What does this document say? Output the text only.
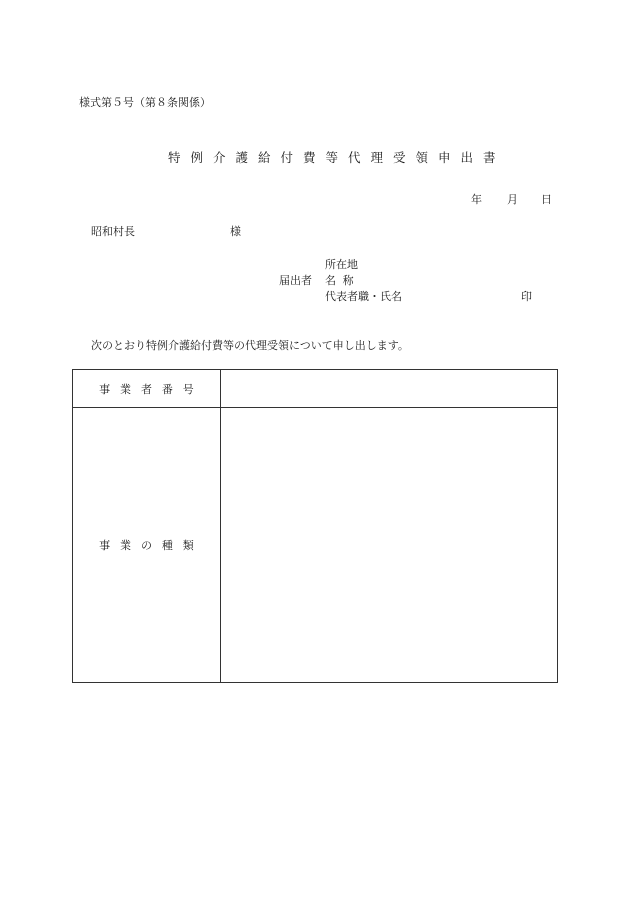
様式第５号（第８条関係）
特例介護給付費等代理受領申出書
年 月 日
昭和村長	様
所在地
届出者 名称
代表者職・氏名	印
次のとおり特例介護給付費等の代理受領について申し出します。
事業者番号	
事業の種類	
